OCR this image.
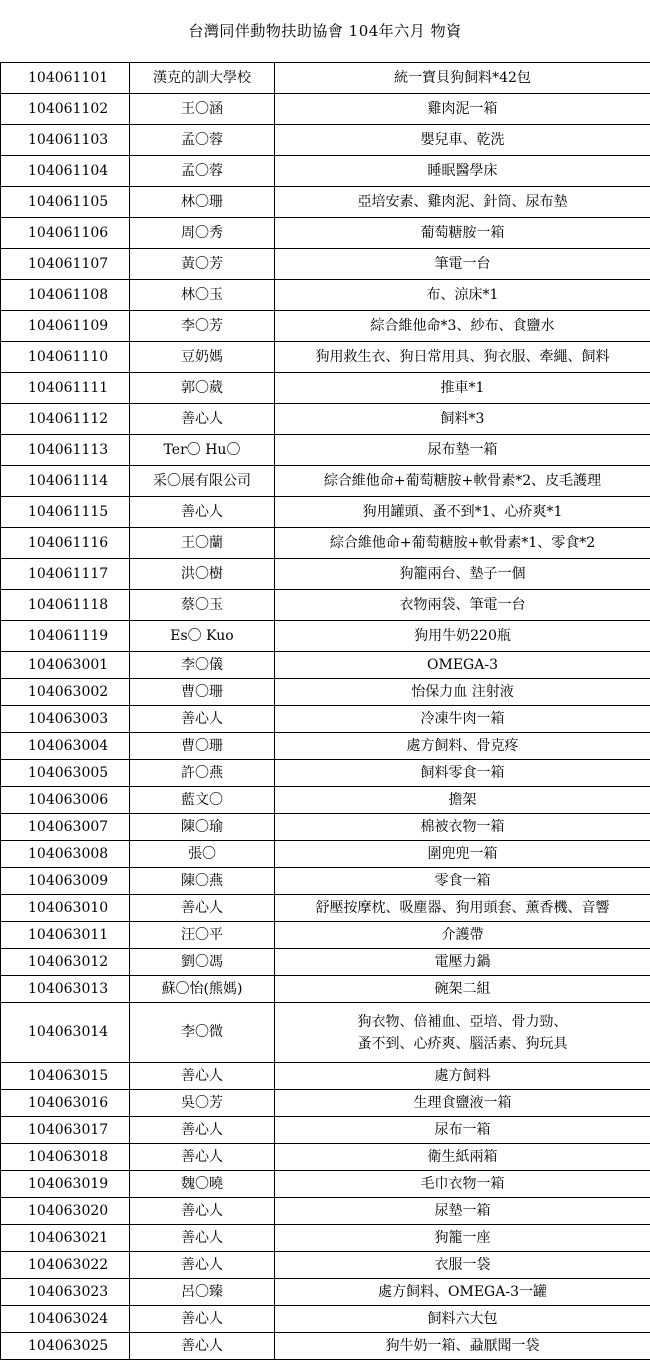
台灣同伴動物扶助協會 104年六月 物資
104061101	漢克的訓大學校	統一寶貝狗飼料*42包

104061102	王〇涵	雞肉泥一箱

104061103	孟〇蓉	嬰兒車、乾洗

104061104	孟〇蓉	睡眠醫學床

104061105	林〇珊	亞培安素、雞肉泥、針筒、尿布墊

104061106	周〇秀	葡萄糖胺一箱

104061107	黃〇芳	筆電一台

104061108	林〇玉	布、涼床*1

104061109	李〇芳	綜合維他命*3、紗布、食鹽水

104061110	豆奶媽	狗用救生衣、狗日常用具、狗衣服、牽繩、飼料

104061111	郭〇葳	推車*1

104061112	善心人	飼料*3

104061113	Ter〇 Hu〇	尿布墊一箱

104061114	采〇展有限公司	綜合維他命+葡萄糖胺+軟骨素*2、皮毛護理

104061115	善心人	狗用罐頭、蚤不到*1、心疥爽*1

104061116	王〇蘭	綜合維他命+葡萄糖胺+軟骨素*1、零食*2

104061117	洪〇樹	狗籠兩台、墊子一個

104061118	蔡〇玉	衣物兩袋、筆電一台

104061119	Es〇 Kuo	狗用牛奶220瓶

104063001	李〇儀	OMEGA-3

104063002	曹〇珊	怡保力血 注射液

104063003	善心人	冷凍牛肉一箱

104063004	曹〇珊	處方飼料、骨克疼

104063005	許〇燕	飼料零食一箱

104063006	藍文〇	擔架

104063007	陳〇瑜	棉被衣物一箱

104063008	張〇	圍兜兜一箱

104063009	陳〇燕	零食一箱

104063010	善心人	舒壓按摩枕、吸塵器、狗用頭套、薰香機、音響

104063011	汪〇平	介護帶

104063012	劉〇馮	電壓力鍋

104063013	蘇〇怡(熊媽)	碗架二組

104063014	李〇微	狗衣物、倍補血、亞培、骨力勁、
蚤不到、心疥爽、腦活素、狗玩具

104063015	善心人	處方飼料

104063016	吳〇芳	生理食鹽液一箱

104063017	善心人	尿布一箱

104063018	善心人	衛生紙兩箱

104063019	魏〇曉	毛巾衣物一箱

104063020	善心人	尿墊一箱

104063021	善心人	狗籠一座

104063022	善心人	衣服一袋

104063023	呂〇臻	處方飼料、OMEGA-3一罐

104063024	善心人	飼料六大包

104063025	善心人	狗牛奶一箱、蝨厭聞一袋
